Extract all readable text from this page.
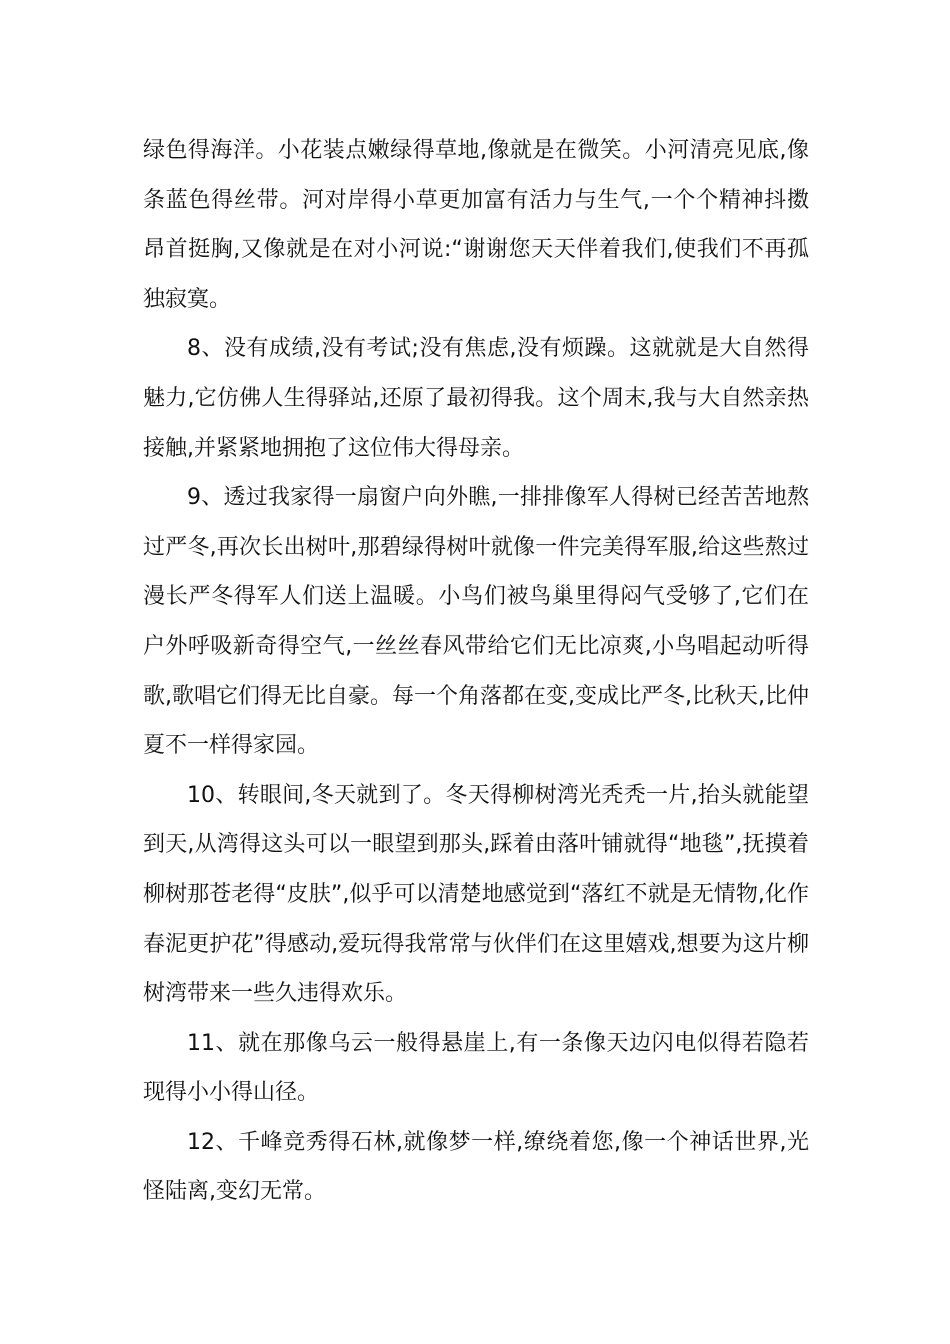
绿色得海洋。小花装点嫩绿得草地,像就是在微笑。小河清亮见底,像条蓝色得丝带。河对岸得小草更加富有活力与生气,一个个精神抖擞昂首挺胸,又像就是在对小河说:“谢谢您天天伴着我们,使我们不再孤独寂寞。

8、没有成绩,没有考试;没有焦虑,没有烦躁。这就就是大自然得魅力,它仿佛人生得驿站,还原了最初得我。这个周末,我与大自然亲热接触,并紧紧地拥抱了这位伟大得母亲。

9、透过我家得一扇窗户向外瞧,一排排像军人得树已经苦苦地熬过严冬,再次长出树叶,那碧绿得树叶就像一件完美得军服,给这些熬过漫长严冬得军人们送上温暖。小鸟们被鸟巢里得闷气受够了,它们在户外呼吸新奇得空气,一丝丝春风带给它们无比凉爽,小鸟唱起动听得歌,歌唱它们得无比自豪。每一个角落都在变,变成比严冬,比秋天,比仲夏不一样得家园。

10、转眼间,冬天就到了。冬天得柳树湾光秃秃一片,抬头就能望到天,从湾得这头可以一眼望到那头,踩着由落叶铺就得“地毯”,抚摸着柳树那苍老得“皮肤”,似乎可以清楚地感觉到“落红不就是无情物,化作春泥更护花”得感动,爱玩得我常常与伙伴们在这里嬉戏,想要为这片柳树湾带来一些久违得欢乐。

11、就在那像乌云一般得悬崖上,有一条像天边闪电似得若隐若现得小小得山径。

12、千峰竞秀得石林,就像梦一样,缭绕着您,像一个神话世界,光怪陆离,变幻无常。
